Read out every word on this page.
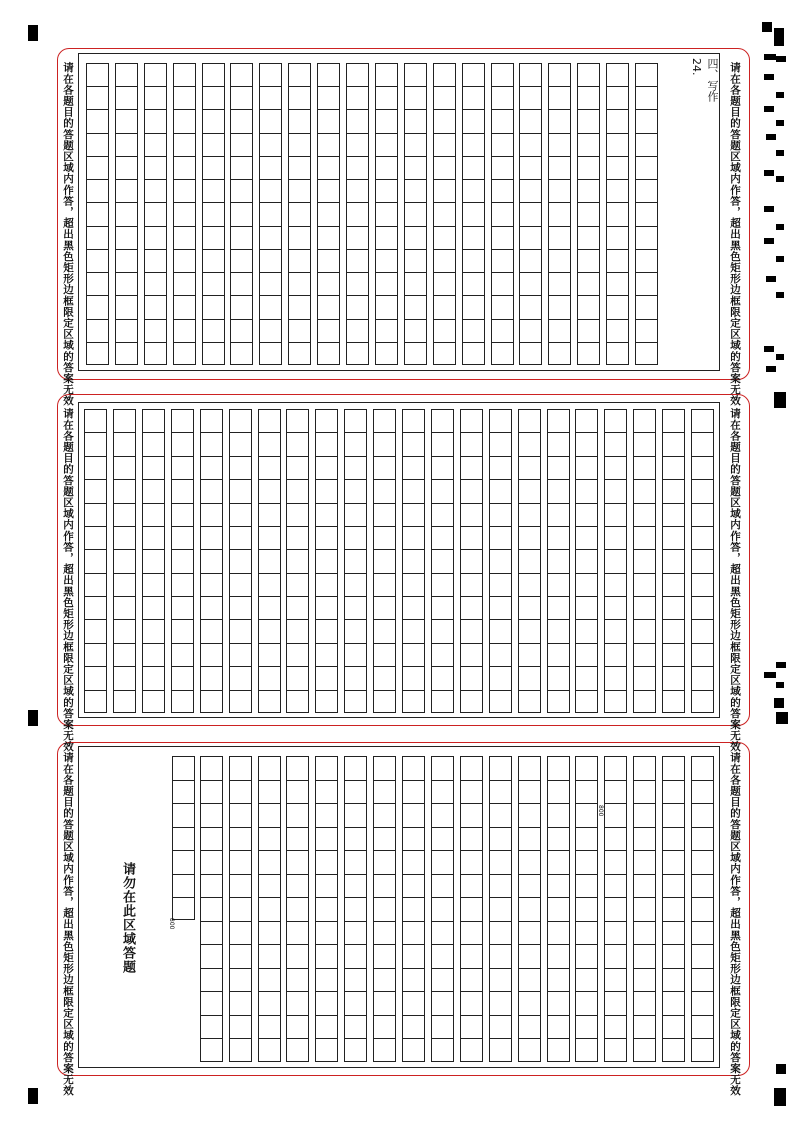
请在各题目的答题区域内作答，超出黑色矩形边框限定区域的答案无效	请在各题目的答题区域内作答，超出黑色矩形边框限定区域的答案无效
请在各题目的答题区域内作答，超出黑色矩形边框限定区域的答案无效	请在各题目的答题区域内作答，超出黑色矩形边框限定区域的答案无效
请在各题目的答题区域内作答，超出黑色矩形边框限定区域的答案无效	请在各题目的答题区域内作答，超出黑色矩形边框限定区域的答案无效
四、写作
24.
请勿在此区域答题
800
800
